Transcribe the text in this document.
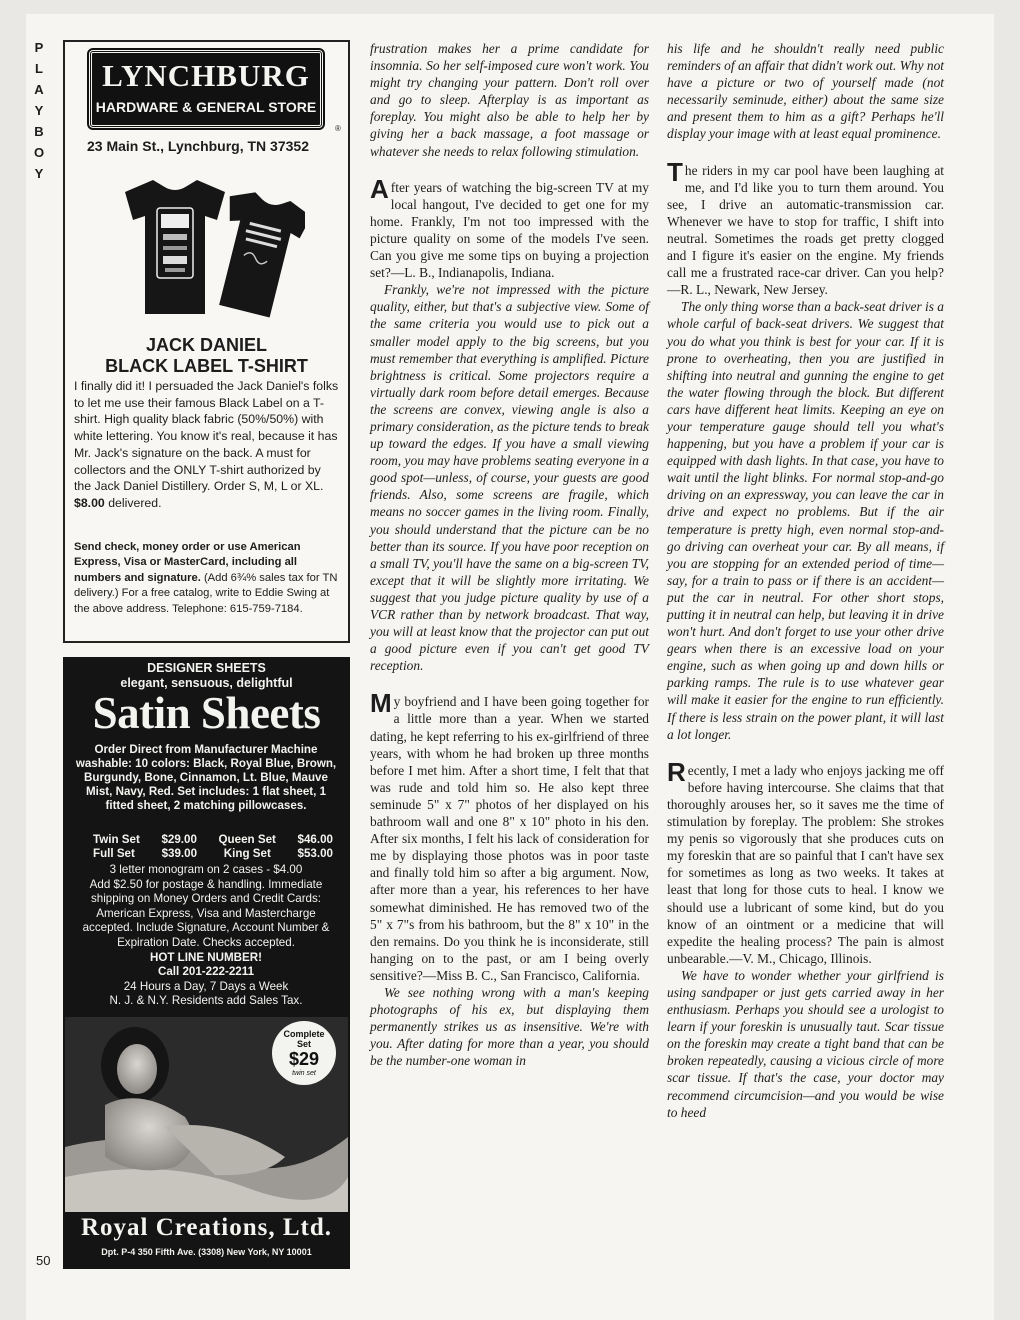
P
L
A
Y
B
O
Y
50
LYNCHBURG
HARDWARE & GENERAL STORE
®
23 Main St., Lynchburg, TN 37352
JACK DANIEL
BLACK LABEL T-SHIRT
I finally did it! I persuaded the Jack Daniel's folks to let me use their famous Black Label on a T-shirt. High quality black fabric (50%/50%) with white lettering. You know it's real, because it has Mr. Jack's signature on the back. A must for collectors and the ONLY T-shirt authorized by the Jack Daniel Distillery. Order S, M, L or XL. $8.00 delivered.
Send check, money order or use American Express, Visa or MasterCard, including all numbers and signature. (Add 6¾% sales tax for TN delivery.) For a free catalog, write to Eddie Swing at the above address. Telephone: 615-759-7184.
DESIGNER SHEETS
elegant, sensuous, delightful
Satin Sheets
Order Direct from Manufacturer Machine washable: 10 colors: Black, Royal Blue, Brown, Burgundy, Bone, Cinnamon, Lt. Blue, Mauve Mist, Navy, Red. Set includes: 1 flat sheet, 1 fitted sheet, 2 matching pillowcases.
Twin Set $29.00 Queen Set $46.00
Full Set $39.00 King Set $53.00
3 letter monogram on 2 cases - $4.00
Add $2.50 for postage & handling. Immediate shipping on Money Orders and Credit Cards: American Express, Visa and Mastercharge accepted. Include Signature, Account Number & Expiration Date. Checks accepted.
HOT LINE NUMBER!
Call 201-222-2211
24 Hours a Day, 7 Days a Week
N. J. & N.Y. Residents add Sales Tax.
Complete
Set
$29
twin set
Royal Creations, Ltd.
Dpt. P-4 350 Fifth Ave. (3308) New York, NY 10001

frustration makes her a prime candidate for insomnia. So her self-imposed cure won't work. You might try changing your pattern. Don't roll over and go to sleep. Afterplay is as important as foreplay. You might also be able to help her by giving her a back massage, a foot massage or whatever she needs to relax following stimulation.

After years of watching the big-screen TV at my local hangout, I've decided to get one for my home. Frankly, I'm not too impressed with the picture quality on some of the models I've seen. Can you give me some tips on buying a projection set?—L. B., Indianapolis, Indiana.

Frankly, we're not impressed with the picture quality, either, but that's a subjective view. Some of the same criteria you would use to pick out a smaller model apply to the big screens, but you must remember that everything is amplified. Picture brightness is critical. Some projectors require a virtually dark room before detail emerges. Because the screens are convex, viewing angle is also a primary consideration, as the picture tends to break up toward the edges. If you have a small viewing room, you may have problems seating everyone in a good spot—unless, of course, your guests are good friends. Also, some screens are fragile, which means no soccer games in the living room. Finally, you should understand that the picture can be no better than its source. If you have poor reception on a small TV, you'll have the same on a big-screen TV, except that it will be slightly more irritating. We suggest that you judge picture quality by use of a VCR rather than by network broadcast. That way, you will at least know that the projector can put out a good picture even if you can't get good TV reception.

My boyfriend and I have been going together for a little more than a year. When we started dating, he kept referring to his ex-girlfriend of three years, with whom he had broken up three months before I met him. After a short time, I felt that that was rude and told him so. He also kept three seminude 5" x 7" photos of her displayed on his bathroom wall and one 8" x 10" photo in his den. After six months, I felt his lack of consideration for me by displaying those photos was in poor taste and finally told him so after a big argument. Now, after more than a year, his references to her have somewhat diminished. He has removed two of the 5" x 7"s from his bathroom, but the 8" x 10" in the den remains. Do you think he is inconsiderate, still hanging on to the past, or am I being overly sensitive?—Miss B. C., San Francisco, California.

We see nothing wrong with a man's keeping photographs of his ex, but displaying them permanently strikes us as insensitive. We're with you. After dating for more than a year, you should be the number-one woman in

his life and he shouldn't really need public reminders of an affair that didn't work out. Why not have a picture or two of yourself made (not necessarily seminude, either) about the same size and present them to him as a gift? Perhaps he'll display your image with at least equal prominence.

The riders in my car pool have been laughing at me, and I'd like you to turn them around. You see, I drive an automatic-transmission car. Whenever we have to stop for traffic, I shift into neutral. Sometimes the roads get pretty clogged and I figure it's easier on the engine. My friends call me a frustrated race-car driver. Can you help?—R. L., Newark, New Jersey.

The only thing worse than a back-seat driver is a whole carful of back-seat drivers. We suggest that you do what you think is best for your car. If it is prone to overheating, then you are justified in shifting into neutral and gunning the engine to get the water flowing through the block. But different cars have different heat limits. Keeping an eye on your temperature gauge should tell you what's happening, but you have a problem if your car is equipped with dash lights. In that case, you have to wait until the light blinks. For normal stop-and-go driving on an expressway, you can leave the car in drive and expect no problems. But if the air temperature is pretty high, even normal stop-and-go driving can overheat your car. By all means, if you are stopping for an extended period of time—say, for a train to pass or if there is an accident—put the car in neutral. For other short stops, putting it in neutral can help, but leaving it in drive won't hurt. And don't forget to use your other drive gears when there is an excessive load on your engine, such as when going up and down hills or parking ramps. The rule is to use whatever gear will make it easier for the engine to run efficiently. If there is less strain on the power plant, it will last a lot longer.

Recently, I met a lady who enjoys jacking me off before having intercourse. She claims that that thoroughly arouses her, so it saves me the time of stimulation by foreplay. The problem: She strokes my penis so vigorously that she produces cuts on my foreskin that are so painful that I can't have sex for sometimes as long as two weeks. It takes at least that long for those cuts to heal. I know we should use a lubricant of some kind, but do you know of an ointment or a medicine that will expedite the healing process? The pain is almost unbearable.—V. M., Chicago, Illinois.

We have to wonder whether your girlfriend is using sandpaper or just gets carried away in her enthusiasm. Perhaps you should see a urologist to learn if your foreskin is unusually taut. Scar tissue on the foreskin may create a tight band that can be broken repeatedly, causing a vicious circle of more scar tissue. If that's the case, your doctor may recommend circumcision—and you would be wise to heed
